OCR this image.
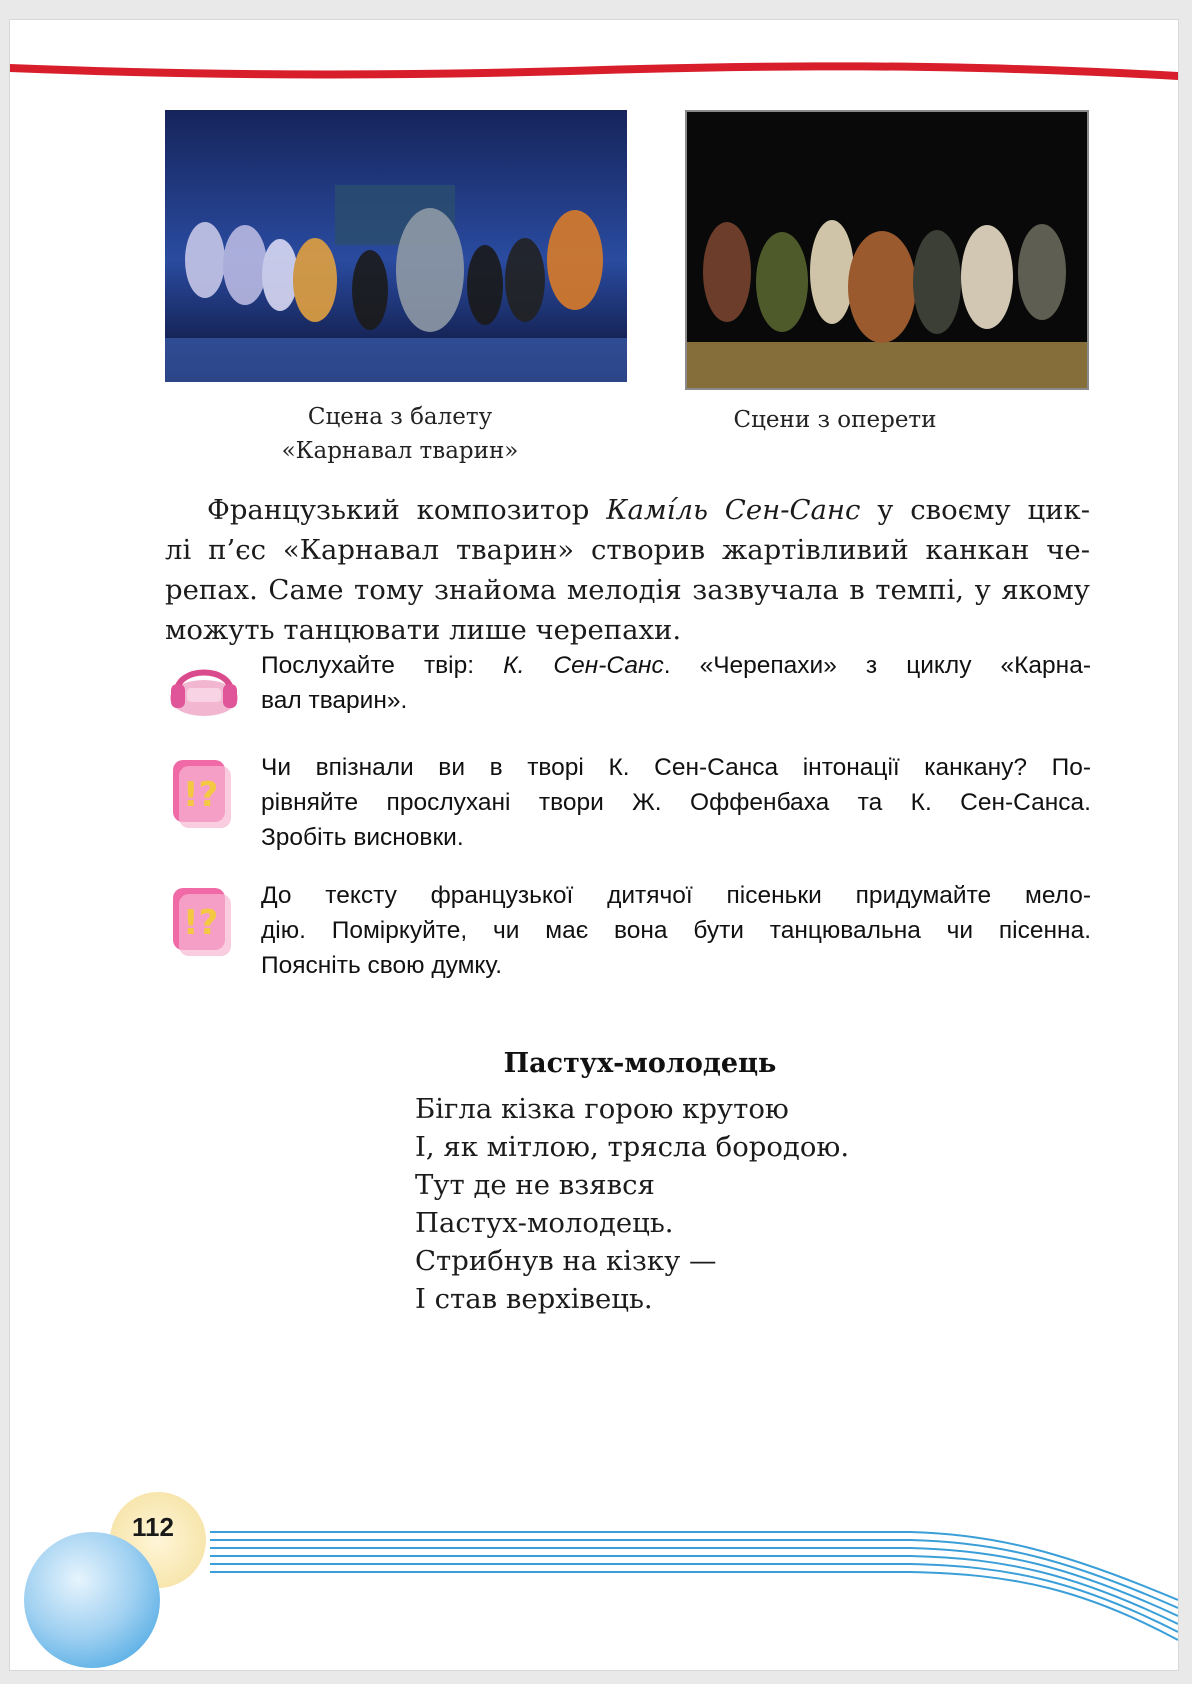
Сцена з балету
«Карнавал тварин»
Сцени з оперети
Французький композитор Камі́ль Сен-Санс у своєму цик-
лі п’єс «Карнавал тварин» створив жартівливий канкан че-
репах. Саме тому знайома мелодія зазвучала в темпі, у якому
можуть танцювати лише черепахи.
Послухайте твір: К. Сен-Санс. «Черепахи» з циклу «Карна-
вал тварин».
!?
Чи впізнали ви в творі К. Сен-Санса інтонації канкану? По-
рівняйте прослухані твори Ж. Оффенбаха та К. Сен-Санса.
Зробіть висновки.
!?
До тексту французької дитячої пісеньки придумайте мело-
дію. Поміркуйте, чи має вона бути танцювальна чи пісенна.
Поясніть свою думку.
Пастух-молодець
Бігла кізка горою крутою
І, як мітлою, трясла бородою.
Тут де не взявся
Пастух-молодець.
Стрибнув на кізку —
І став верхівець.
112
